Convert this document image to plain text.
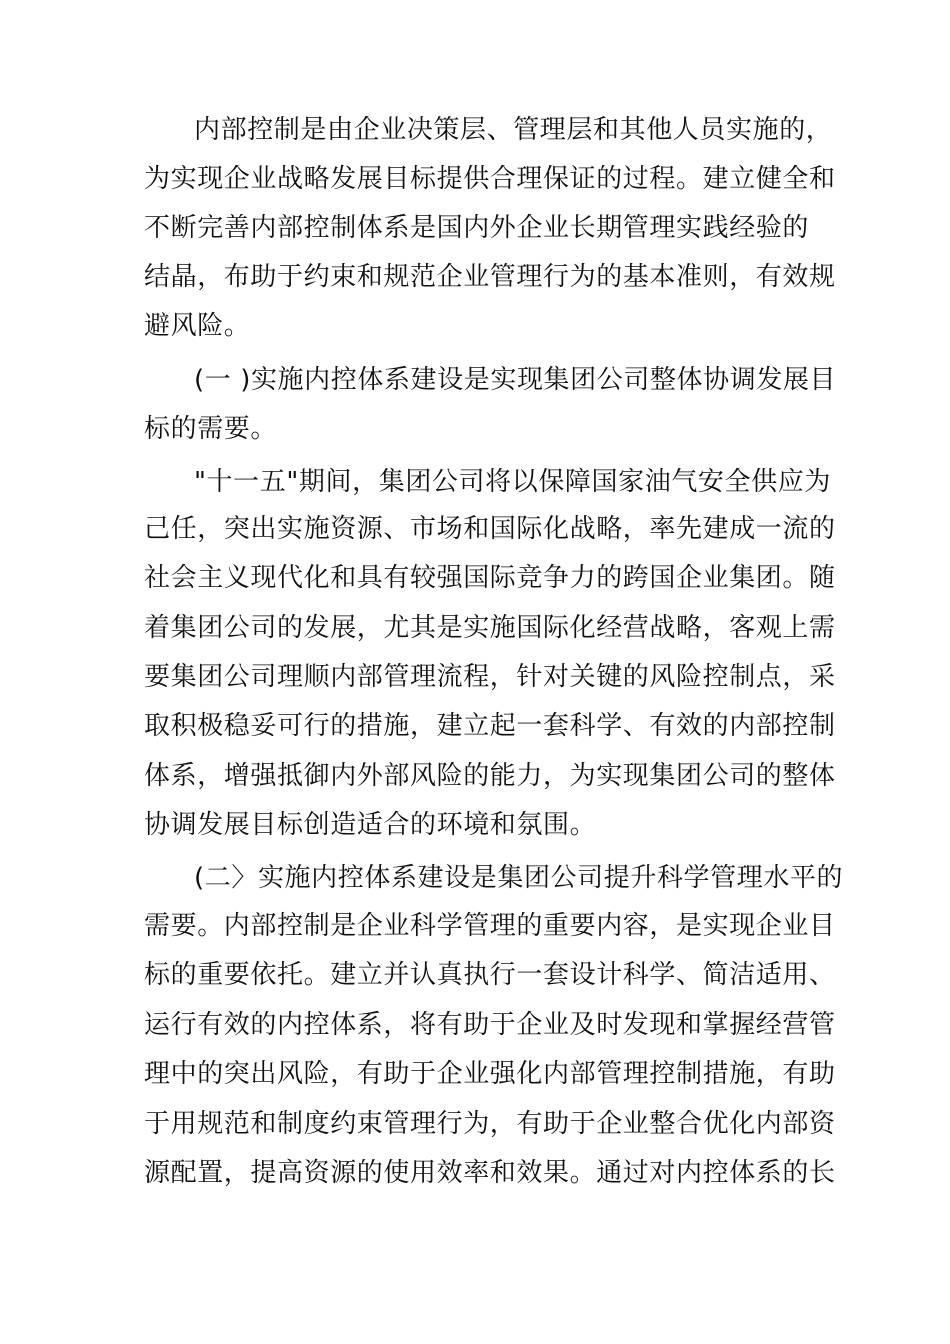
内部控制是由企业决策层、管理层和其他人员实施的，
为实现企业战略发展目标提供合理保证的过程。建立健全和
不断完善内部控制体系是国内外企业长期管理实践经验的
结晶，布助于约束和规范企业管理行为的基本准则，有效规
避风险。
(一 )实施内控体系建设是实现集团公司整体协调发展目
标的需要。
"十一五"期间，集团公司将以保障国家油气安全供应为
己任，突出实施资源、市场和国际化战略，率先建成一流的
社会主义现代化和具有较强国际竞争力的跨国企业集团。随
着集团公司的发展，尤其是实施国际化经营战略，客观上需
要集团公司理顺内部管理流程，针对关键的风险控制点，采
取积极稳妥可行的措施，建立起一套科学、有效的内部控制
体系，增强抵御内外部风险的能力，为实现集团公司的整体
协调发展目标创造适合的环境和氛围。
(二〉实施内控体系建设是集团公司提升科学管理水平的
需要。内部控制是企业科学管理的重要内容，是实现企业目
标的重要依托。建立并认真执行一套设计科学、简洁适用、
运行有效的内控体系，将有助于企业及时发现和掌握经营管
理中的突出风险，有助于企业强化内部管理控制措施，有助
于用规范和制度约束管理行为，有助于企业整合优化内部资
源配置，提高资源的使用效率和效果。通过对内控体系的长
